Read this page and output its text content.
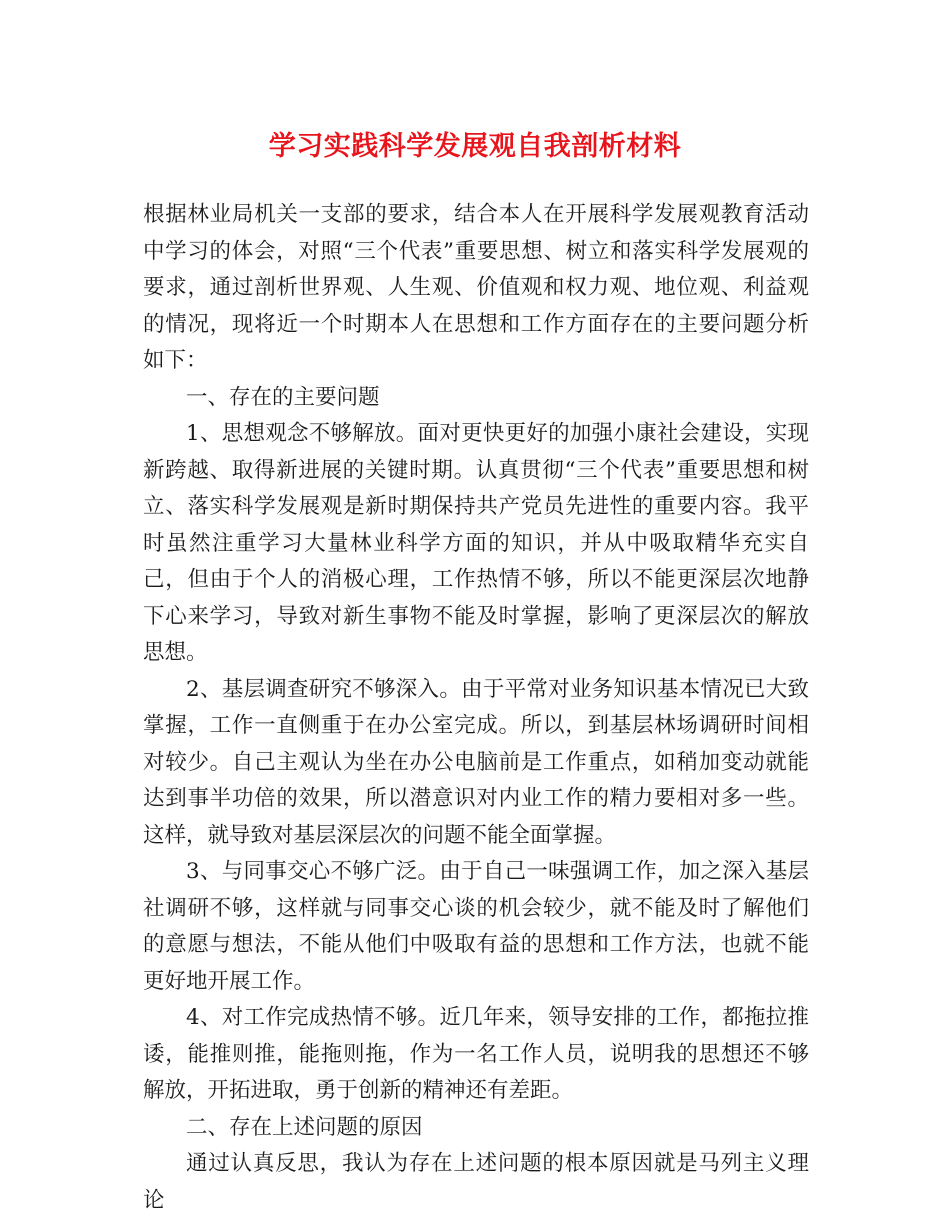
学习实践科学发展观自我剖析材料

根据林业局机关一支部的要求，结合本人在开展科学发展观教育活动中学习的体会，对照“三个代表”重要思想、树立和落实科学发展观的要求，通过剖析世界观、人生观、价值观和权力观、地位观、利益观的情况，现将近一个时期本人在思想和工作方面存在的主要问题分析如下：

一、存在的主要问题

1、思想观念不够解放。面对更快更好的加强小康社会建设，实现新跨越、取得新进展的关键时期。认真贯彻“三个代表”重要思想和树立、落实科学发展观是新时期保持共产党员先进性的重要内容。我平时虽然注重学习大量林业科学方面的知识，并从中吸取精华充实自己，但由于个人的消极心理，工作热情不够，所以不能更深层次地静下心来学习，导致对新生事物不能及时掌握，影响了更深层次的解放思想。

2、基层调查研究不够深入。由于平常对业务知识基本情况已大致掌握，工作一直侧重于在办公室完成。所以，到基层林场调研时间相对较少。自己主观认为坐在办公电脑前是工作重点，如稍加变动就能达到事半功倍的效果，所以潜意识对内业工作的精力要相对多一些。这样，就导致对基层深层次的问题不能全面掌握。

3、与同事交心不够广泛。由于自己一味强调工作，加之深入基层社调研不够，这样就与同事交心谈的机会较少，就不能及时了解他们的意愿与想法，不能从他们中吸取有益的思想和工作方法，也就不能更好地开展工作。

4、对工作完成热情不够。近几年来，领导安排的工作，都拖拉推诿，能推则推，能拖则拖，作为一名工作人员，说明我的思想还不够解放，开拓进取，勇于创新的精神还有差距。

二、存在上述问题的原因

通过认真反思，我认为存在上述问题的根本原因就是马列主义理论
